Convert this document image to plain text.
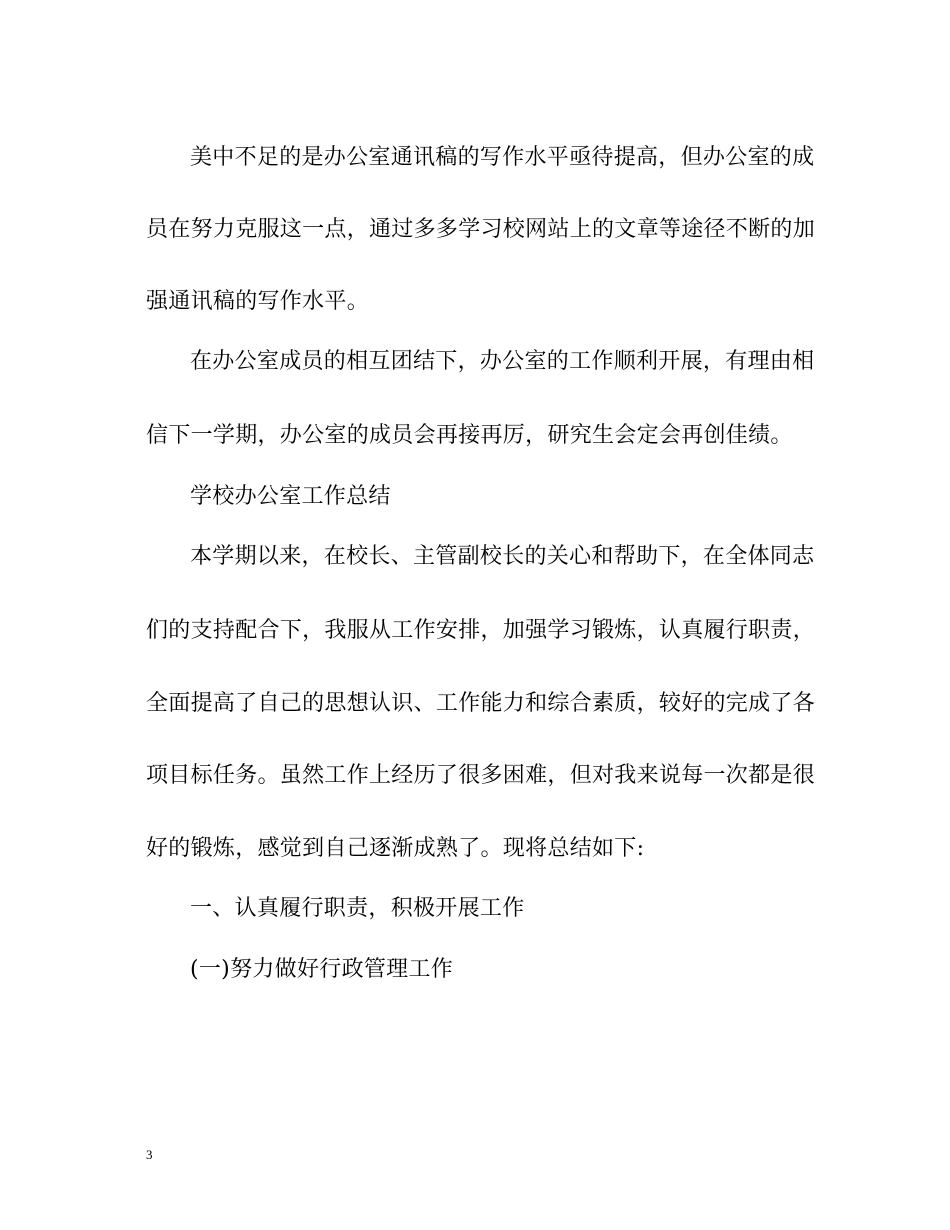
美中不足的是办公室通讯稿的写作水平亟待提高，但办公室的成
员在努力克服这一点，通过多多学习校网站上的文章等途径不断的加
强通讯稿的写作水平。
在办公室成员的相互团结下，办公室的工作顺利开展，有理由相
信下一学期，办公室的成员会再接再厉，研究生会定会再创佳绩。
学校办公室工作总结
本学期以来，在校长、主管副校长的关心和帮助下，在全体同志
们的支持配合下，我服从工作安排，加强学习锻炼，认真履行职责，
全面提高了自己的思想认识、工作能力和综合素质，较好的完成了各
项目标任务。虽然工作上经历了很多困难，但对我来说每一次都是很
好的锻炼，感觉到自己逐渐成熟了。现将总结如下:
一、认真履行职责，积极开展工作
(一)努力做好行政管理工作
3
